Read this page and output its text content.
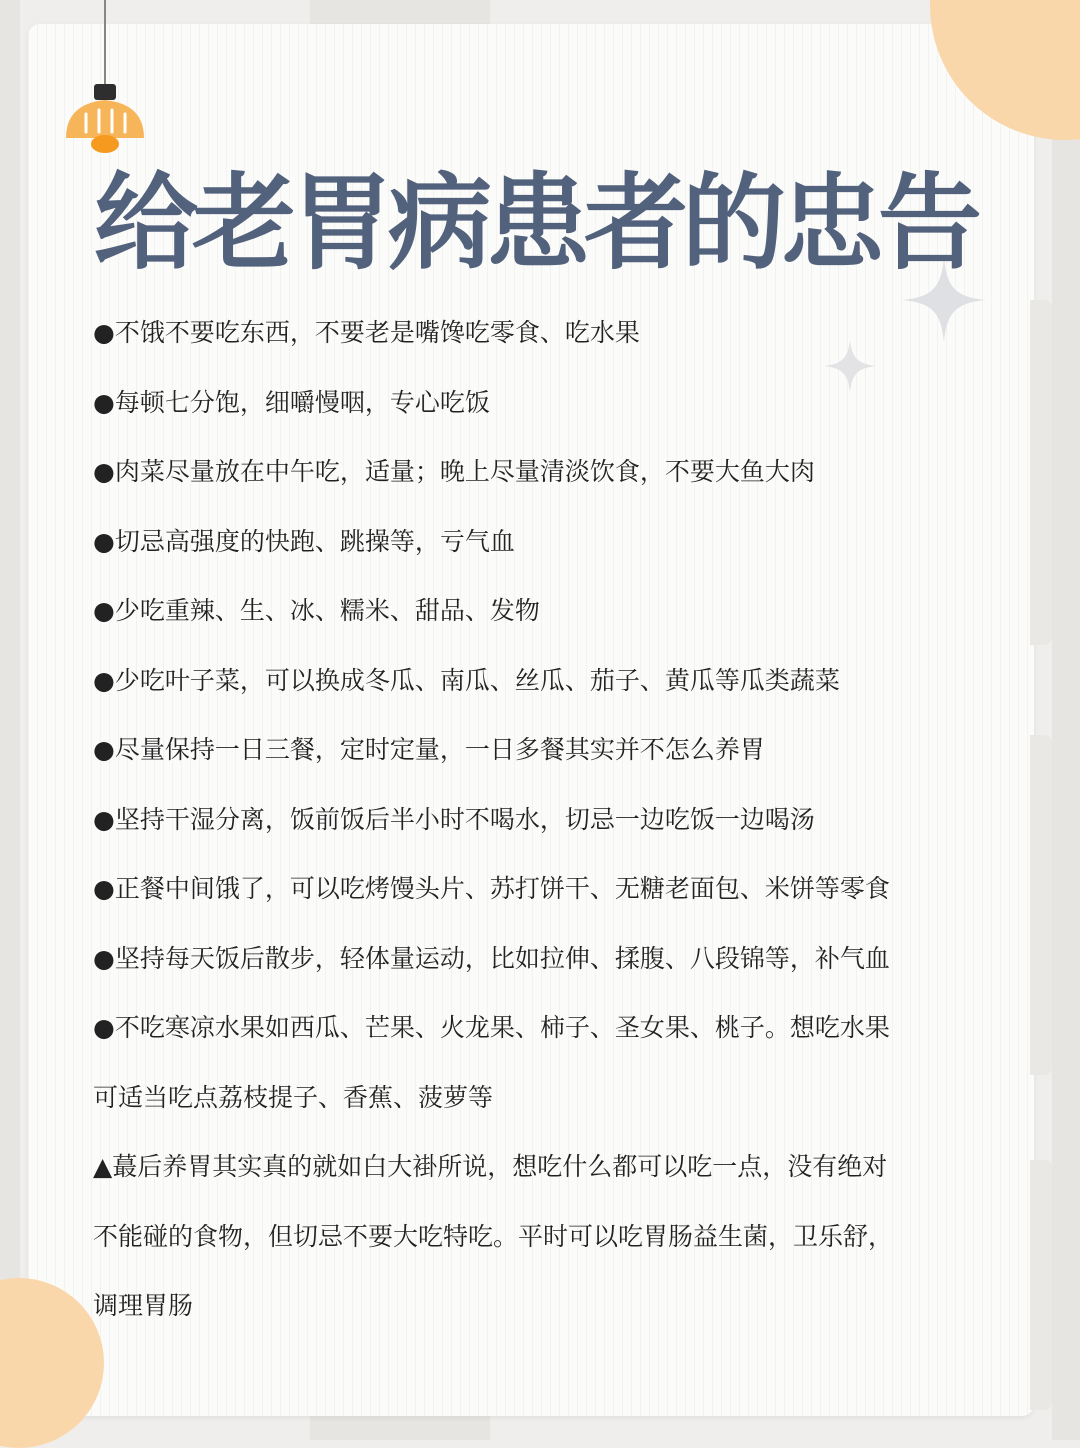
给老胃病患者的忠告
●不饿不要吃东西，不要老是嘴馋吃零食、吃水果
●每顿七分饱，细嚼慢咽，专心吃饭
●肉菜尽量放在中午吃，适量；晚上尽量清淡饮食，不要大鱼大肉
●切忌高强度的快跑、跳操等，亏气血
●少吃重辣、生、冰、糯米、甜品、发物
●少吃叶子菜，可以换成冬瓜、南瓜、丝瓜、茄子、黄瓜等瓜类蔬菜
●尽量保持一日三餐，定时定量，一日多餐其实并不怎么养胃
●坚持干湿分离，饭前饭后半小时不喝水，切忌一边吃饭一边喝汤
●正餐中间饿了，可以吃烤馒头片、苏打饼干、无糖老面包、米饼等零食
●坚持每天饭后散步，轻体量运动，比如拉伸、揉腹、八段锦等，补气血
●不吃寒凉水果如西瓜、芒果、火龙果、柿子、圣女果、桃子。想吃水果
可适当吃点荔枝提子、香蕉、菠萝等
▲蕞后养胃其实真的就如白大褂所说，想吃什么都可以吃一点，没有绝对
不能碰的食物，但切忌不要大吃特吃。平时可以吃胃肠益生菌，卫乐舒，
调理胃肠
